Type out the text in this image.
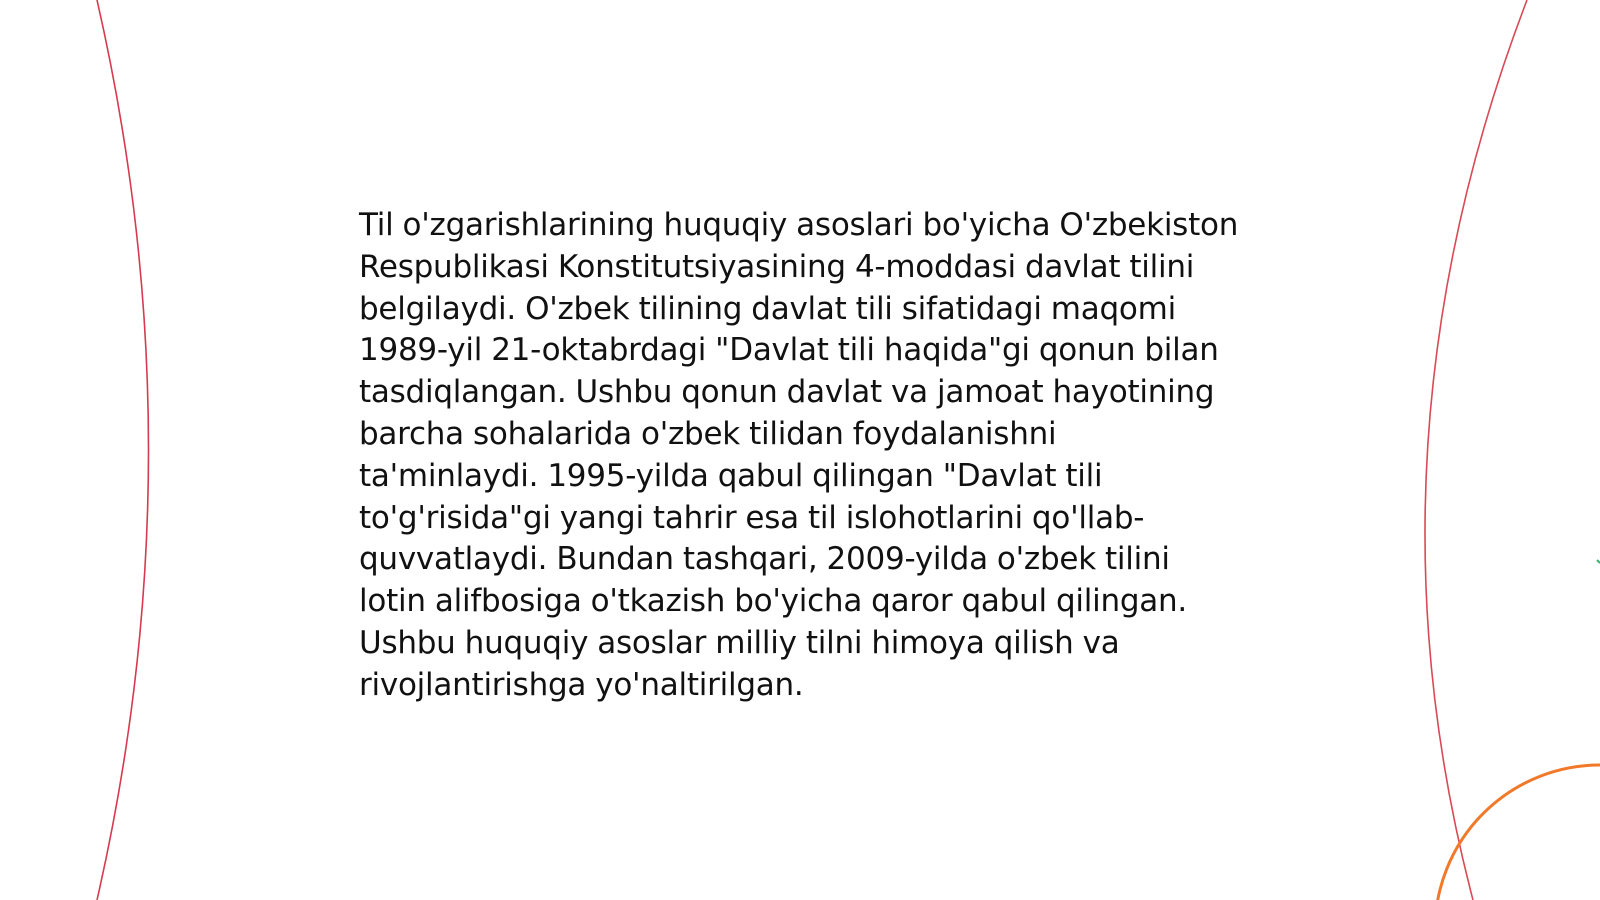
Til o'zgarishlarining huquqiy asoslari bo'yicha O'zbekiston Respublikasi Konstitutsiyasining 4-moddasi davlat tilini belgilaydi. O'zbek tilining davlat tili sifatidagi maqomi 1989-yil 21-oktabrdagi "Davlat tili haqida"gi qonun bilan tasdiqlangan. Ushbu qonun davlat va jamoat hayotining barcha sohalarida o'zbek tilidan foydalanishni ta'minlaydi. 1995-yilda qabul qilingan "Davlat tili to'g'risida"gi yangi tahrir esa til islohotlarini qo'llab-quvvatlaydi. Bundan tashqari, 2009-yilda o'zbek tilini lotin alifbosiga o'tkazish bo'yicha qaror qabul qilingan. Ushbu huquqiy asoslar milliy tilni himoya qilish va rivojlantirishga yo'naltirilgan.
